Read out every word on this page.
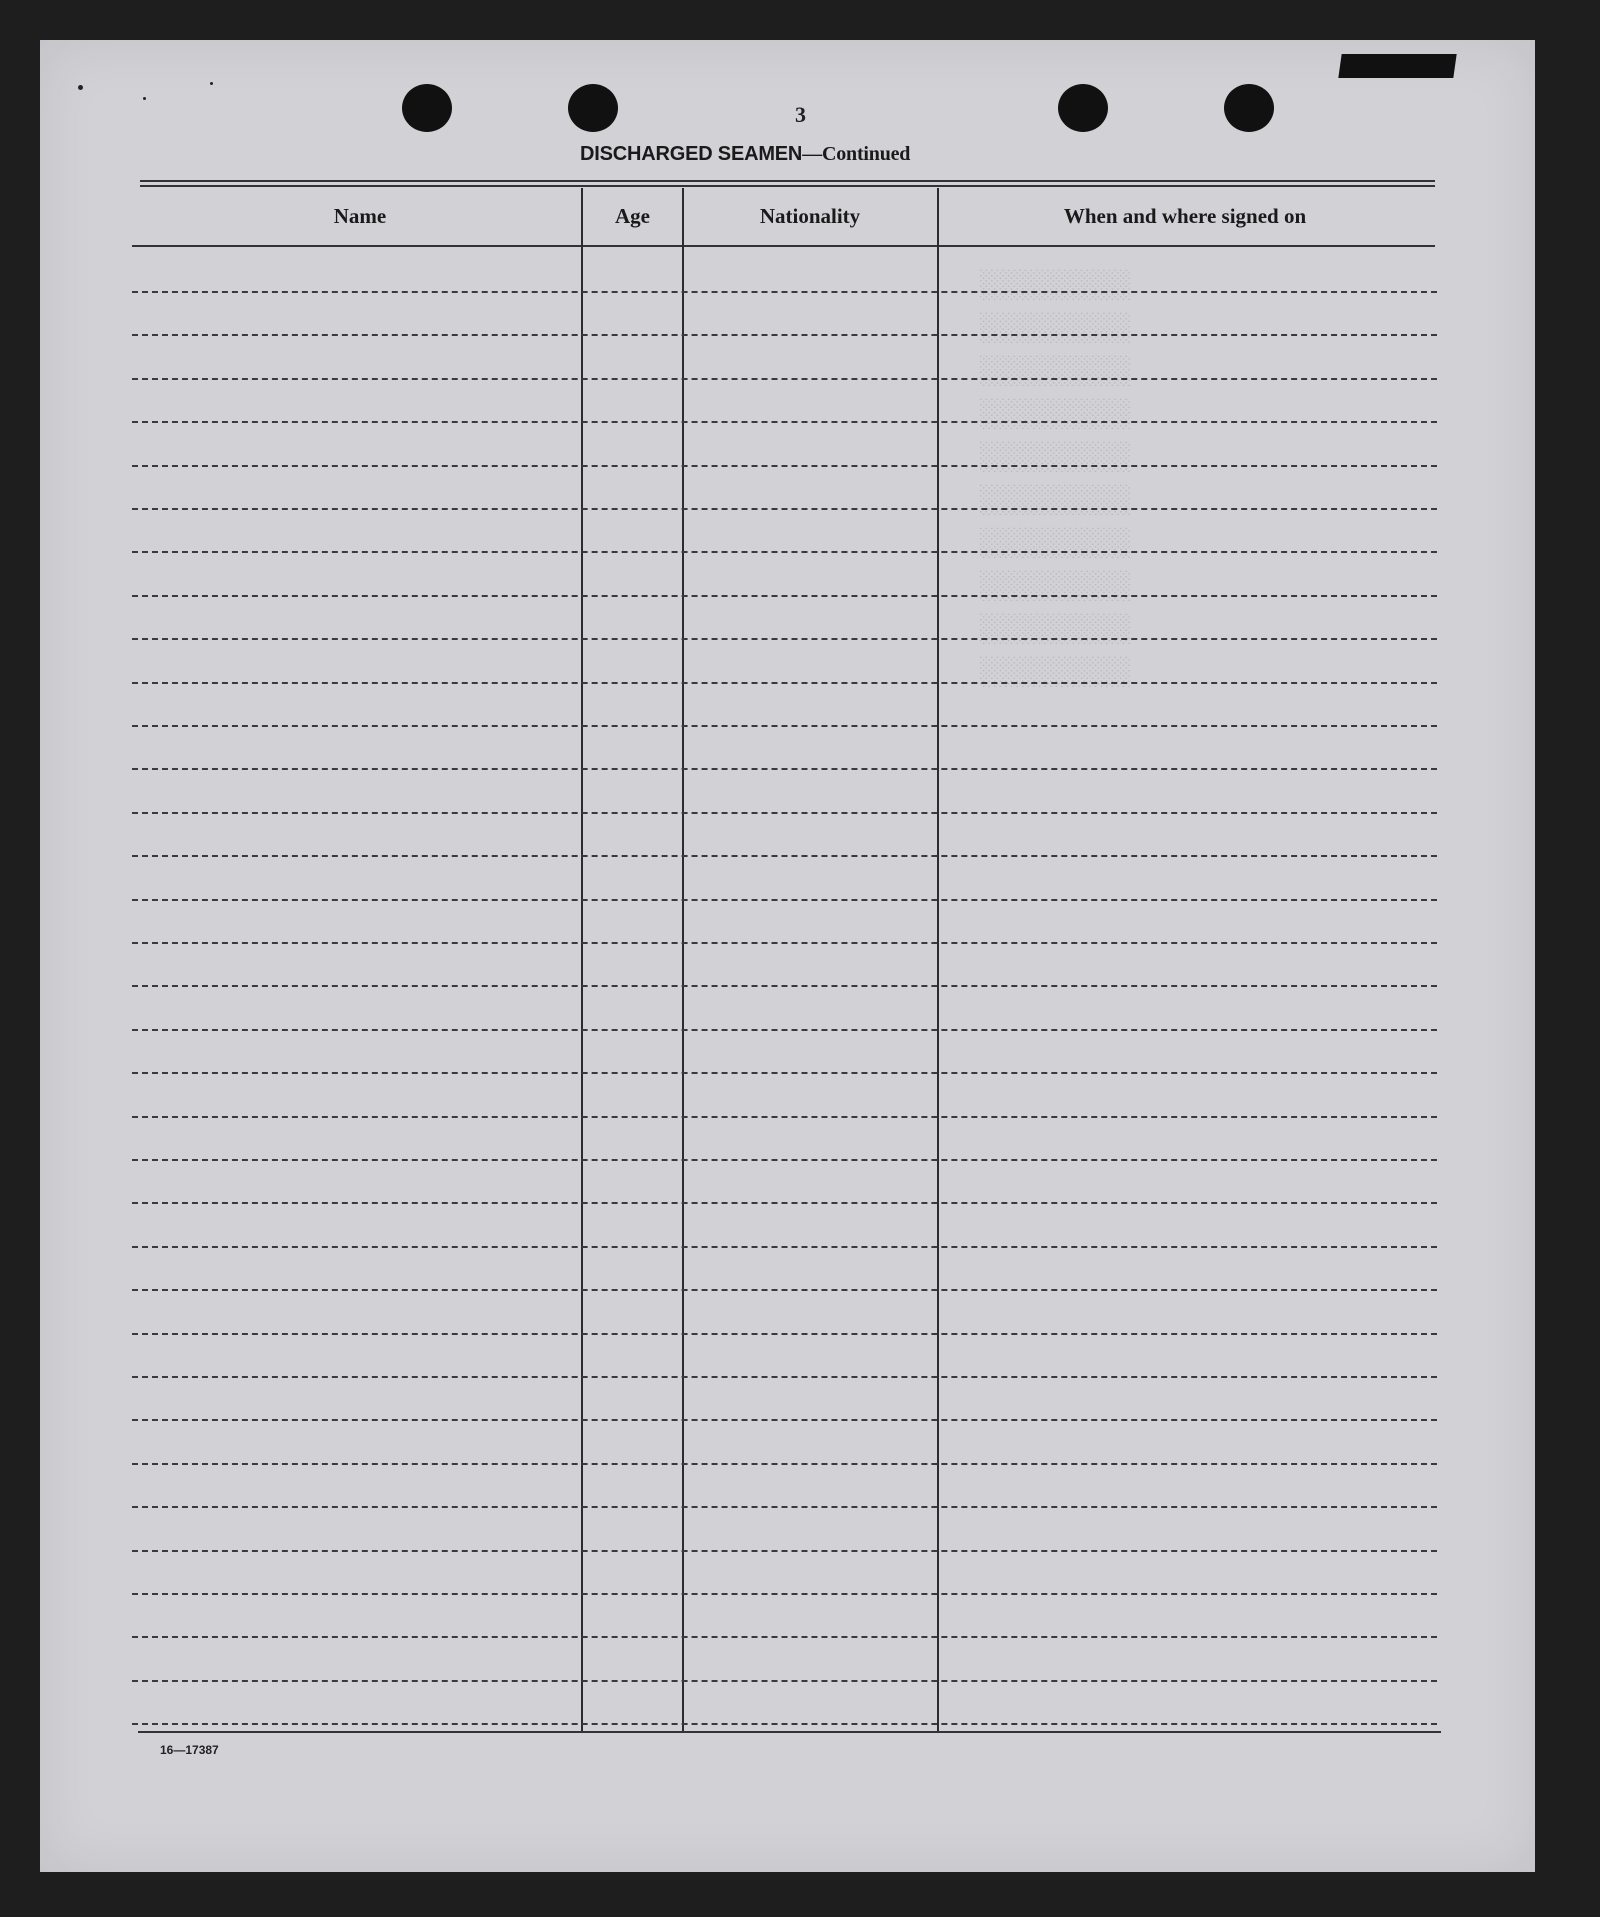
░░░░░░░░░
░░░░░░░░░
░░░░░░░░░
░░░░░░░░░
░░░░░░░░░
░░░░░░░░░
░░░░░░░░░
░░░░░░░░░
░░░░░░░░░
░░░░░░░░░
3
DISCHARGED SEAMEN—Continued
Name	Age	Nationality	When and where signed on
16—17387
